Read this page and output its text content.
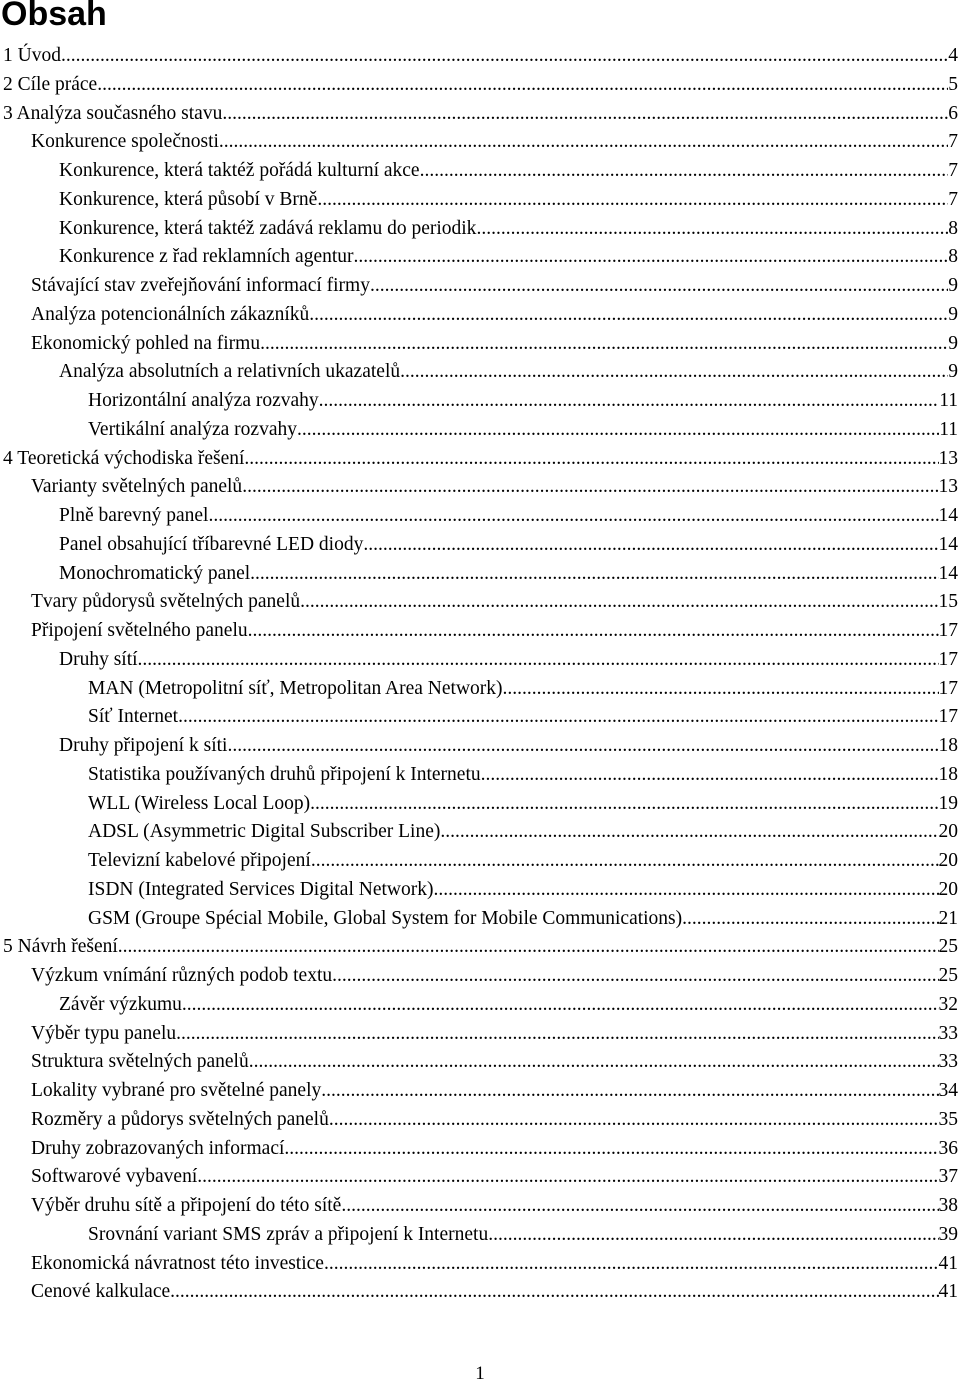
Obsah
1 Úvod .....	4
2 Cíle práce .....	5
3 Analýza současného stavu .....	6
Konkurence společnosti .....	7
Konkurence, která taktéž pořádá kulturní akce .....	7
Konkurence, která působí v Brně .....	7
Konkurence, která taktéž zadává reklamu do periodik .....	8
Konkurence z řad reklamních agentur .....	8
Stávající stav zveřejňování informací firmy .....	9
Analýza potencionálních zákazníků .....	9
Ekonomický pohled na firmu .....	9
Analýza absolutních a relativních ukazatelů .....	9
Horizontální analýza rozvahy .....	11
Vertikální analýza rozvahy .....	11
4 Teoretická východiska řešení .....	13
Varianty světelných panelů .....	13
Plně barevný panel .....	14
Panel obsahující tříbarevné LED diody .....	14
Monochromatický panel .....	14
Tvary půdorysů světelných panelů .....	15
Připojení světelného panelu .....	17
Druhy sítí .....	17
MAN (Metropolitní síť, Metropolitan Area Network) .....	17
Síť Internet .....	17
Druhy připojení k síti .....	18
Statistika používaných druhů připojení k Internetu .....	18
WLL (Wireless Local Loop) .....	19
ADSL (Asymmetric Digital Subscriber Line) .....	20
Televizní kabelové připojení .....	20
ISDN (Integrated Services Digital Network) .....	20
GSM (Groupe Spécial Mobile, Global System for Mobile Communications) .....	21
5 Návrh řešení .....	25
Výzkum vnímání různých podob textu .....	25
Závěr výzkumu .....	32
Výběr typu panelu .....	33
Struktura světelných panelů .....	33
Lokality vybrané pro světelné panely .....	34
Rozměry a půdorys světelných panelů .....	35
Druhy zobrazovaných informací .....	36
Softwarové vybavení .....	37
Výběr druhu sítě a připojení do této sítě .....	38
Srovnání variant SMS zpráv a připojení k Internetu .....	39
Ekonomická návratnost této investice .....	41
Cenové kalkulace .....	41
1
